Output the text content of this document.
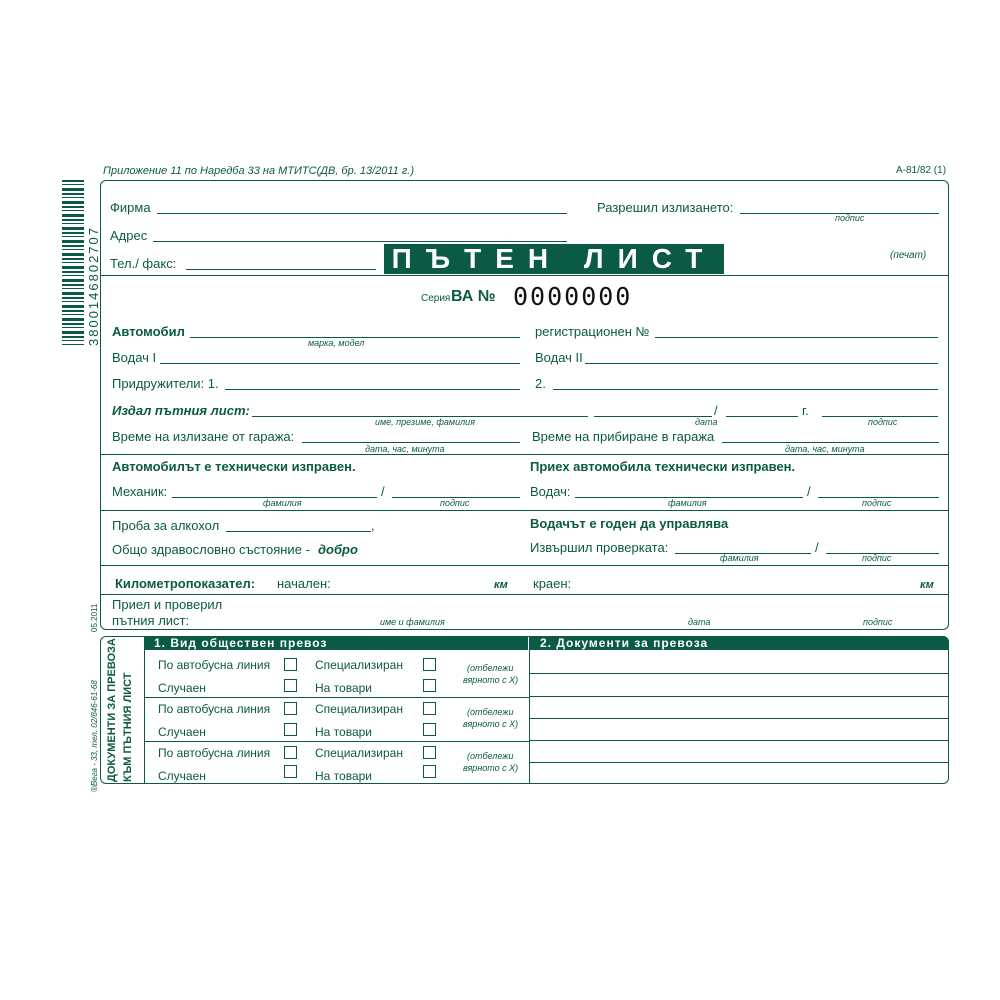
Приложение 11 по Наредба 33 на МТИТС(ДВ, бр. 13/2011 г.)	А-81/82 (1)
3800146802707
05.2011
®Вега - 33, тел. 02/846-61-68
ПЪТЕН ЛИСТ
Фирма
Адрес
Тел./ факс:
Разрешил излизането:
подпис
(печат)
Серия ВА № 0000000
Автомобил
марка, модел
регистрационен №
Водач I	Водач II
Придружители: 1.	2.
Издал пътния лист:
име, презиме, фамилия
/
дата
г.
подпис
Време на излизане от гаража:
дата, час, минута
Време на прибиране в гаража
дата, час, минута
Автомобилът е технически изправен.	Приех автомобила технически изправен.
Механик:	/
фамилия	подпис
Водач:	/
фамилия	подпис
Проба за алкохол	,
Общо здравословно състояние - добро
Водачът е годен да управлява
Извършил проверката:	/
фамилия	подпис
Километропоказател: начален:	км краен:	км
Приел и проверил
пътния лист:	име и фамилия	дата	подпис
ДОКУМЕНТИ ЗА ПРЕВОЗА КЪМ ПЪТНИЯ ЛИСТ
1. Вид обществен превоз	2. Документи за превоза
По автобусна линия	Специализиран
Случаен	На товари
(отбележи
вярното с Х)
По автобусна линия	Специализиран
Случаен	На товари
(отбележи
вярното с Х)
По автобусна линия	Специализиран
Случаен	На товари
(отбележи
вярното с Х)
